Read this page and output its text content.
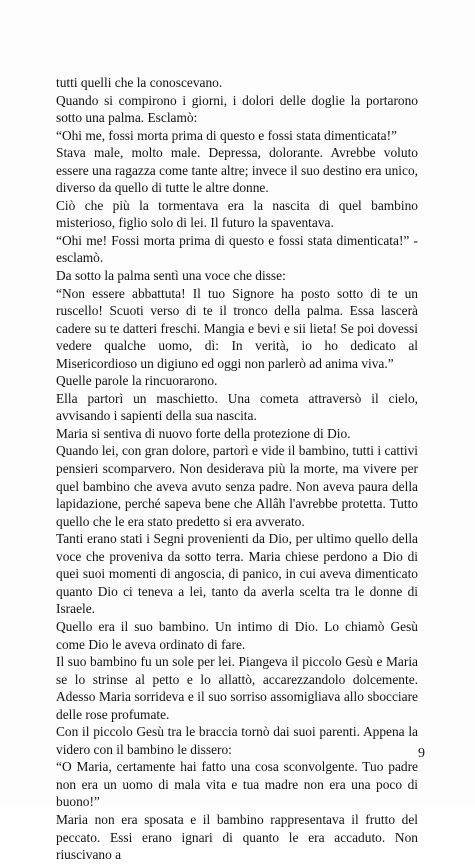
tutti quelli che la conoscevano.

Quando si compirono i giorni, i dolori delle doglie la portarono sotto una palma. Esclamò:

“Ohi me, fossi morta prima di questo e fossi stata dimenticata!”

Stava male, molto male. Depressa, dolorante. Avrebbe voluto essere una ragazza come tante altre; invece il suo destino era unico, diverso da quello di tutte le altre donne.

Ciò che più la tormentava era la nascita di quel bambino misterioso, figlio solo di lei. Il futuro la spaventava.

“Ohi me! Fossi morta prima di questo e fossi stata dimenticata!” - esclamò.

Da sotto la palma sentì una voce che disse:

“Non essere abbattuta! Il tuo Signore ha posto sotto di te un ruscello! Scuoti verso di te il tronco della palma. Essa lascerà cadere su te datteri freschi. Mangia e bevi e sii lieta! Se poi dovessi vedere qualche uomo, dì: In verità, io ho dedicato al Misericordioso un digiuno ed oggi non parlerò ad anima viva.”

Quelle parole la rincuorarono.

Ella partorì un maschietto. Una cometa attraversò il cielo, avvisando i sapienti della sua nascita.

Maria si sentiva di nuovo forte della protezione di Dio.

Quando lei, con gran dolore, partorì e vide il bambino, tutti i cattivi pensieri scomparvero. Non desiderava più la morte, ma vivere per quel bambino che aveva avuto senza padre. Non aveva paura della lapidazione, perché sapeva bene che Allâh l'avrebbe protetta. Tutto quello che le era stato predetto si era avverato.

Tanti erano stati i Segni provenienti da Dio, per ultimo quello della voce che proveniva da sotto terra. Maria chiese perdono a Dio di quei suoi momenti di angoscia, di panico, in cui aveva dimenticato quanto Dio ci teneva a lei, tanto da averla scelta tra le donne di Israele.

Quello era il suo bambino. Un intimo di Dio. Lo chiamò Gesù come Dio le aveva ordinato di fare.

Il suo bambino fu un sole per lei. Piangeva il piccolo Gesù e Maria se lo strinse al petto e lo allattò, accarezzandolo dolcemente. Adesso Maria sorrideva e il suo sorriso assomigliava allo sbocciare delle rose profumate.

Con il piccolo Gesù tra le braccia tornò dai suoi parenti. Appena la videro con il bambino le dissero:

“O Maria, certamente hai fatto una cosa sconvolgente. Tuo padre non era un uomo di mala vita e tua madre non era una poco di buono!”

Maria non era sposata e il bambino rappresentava il frutto del peccato. Essi erano ignari di quanto le era accaduto. Non riuscivano a

9
